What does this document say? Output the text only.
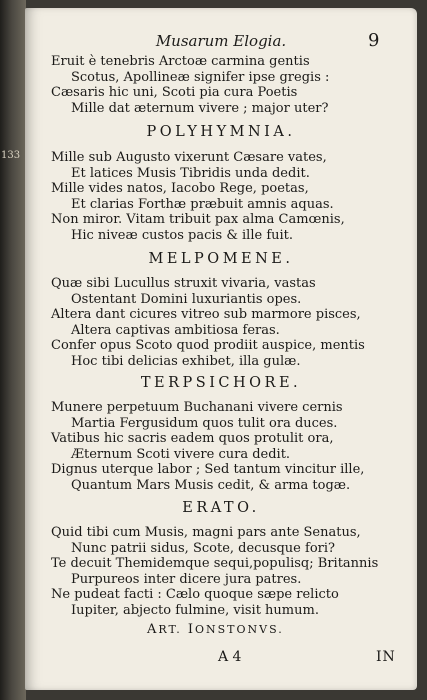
133
Musarum Elogia.	9
Eruit è tenebris Arctoæ carmina gentis
Scotus, Apollineæ signifer ipse gregis :
Cæsaris hic uni, Scoti pia cura Poetis
Mille dat æternum vivere ; major uter?
POLYHYMNIA.
Mille sub Augusto vixerunt Cæsare vates,
Et latices Musis Tibridis unda dedit.
Mille vides natos, Iacobo Rege, poetas,
Et clarias Forthæ præbuit amnis aquas.
Non miror. Vitam tribuit pax alma Camœnis,
Hic niveæ custos pacis & ille fuit.
MELPOMENE.
Quæ sibi Lucullus struxit vivaria, vastas
Ostentant Domini luxuriantis opes.
Altera dant cicures vitreo sub marmore pisces,
Altera captivas ambitiosa feras.
Confer opus Scoto quod prodiit auspice, mentis
Hoc tibi delicias exhibet, illa gulæ.
TERPSICHORE.
Munere perpetuum Buchanani vivere cernis
Martia Fergusidum quos tulit ora duces.
Vatibus hic sacris eadem quos protulit ora,
Æternum Scoti vivere cura dedit.
Dignus uterque labor ; Sed tantum vincitur ille,
Quantum Mars Musis cedit, & arma togæ.
ERATO.
Quid tibi cum Musis, magni pars ante Senatus,
Nunc patrii sidus, Scote, decusque fori?
Te decuit Themidemque sequi,populisq; Britannis
Purpureos inter dicere jura patres.
Ne pudeat facti : Cælo quoque sæpe relicto
Iupiter, abjecto fulmine, visit humum.
ART. IONSTONVS.
A 4	IN
